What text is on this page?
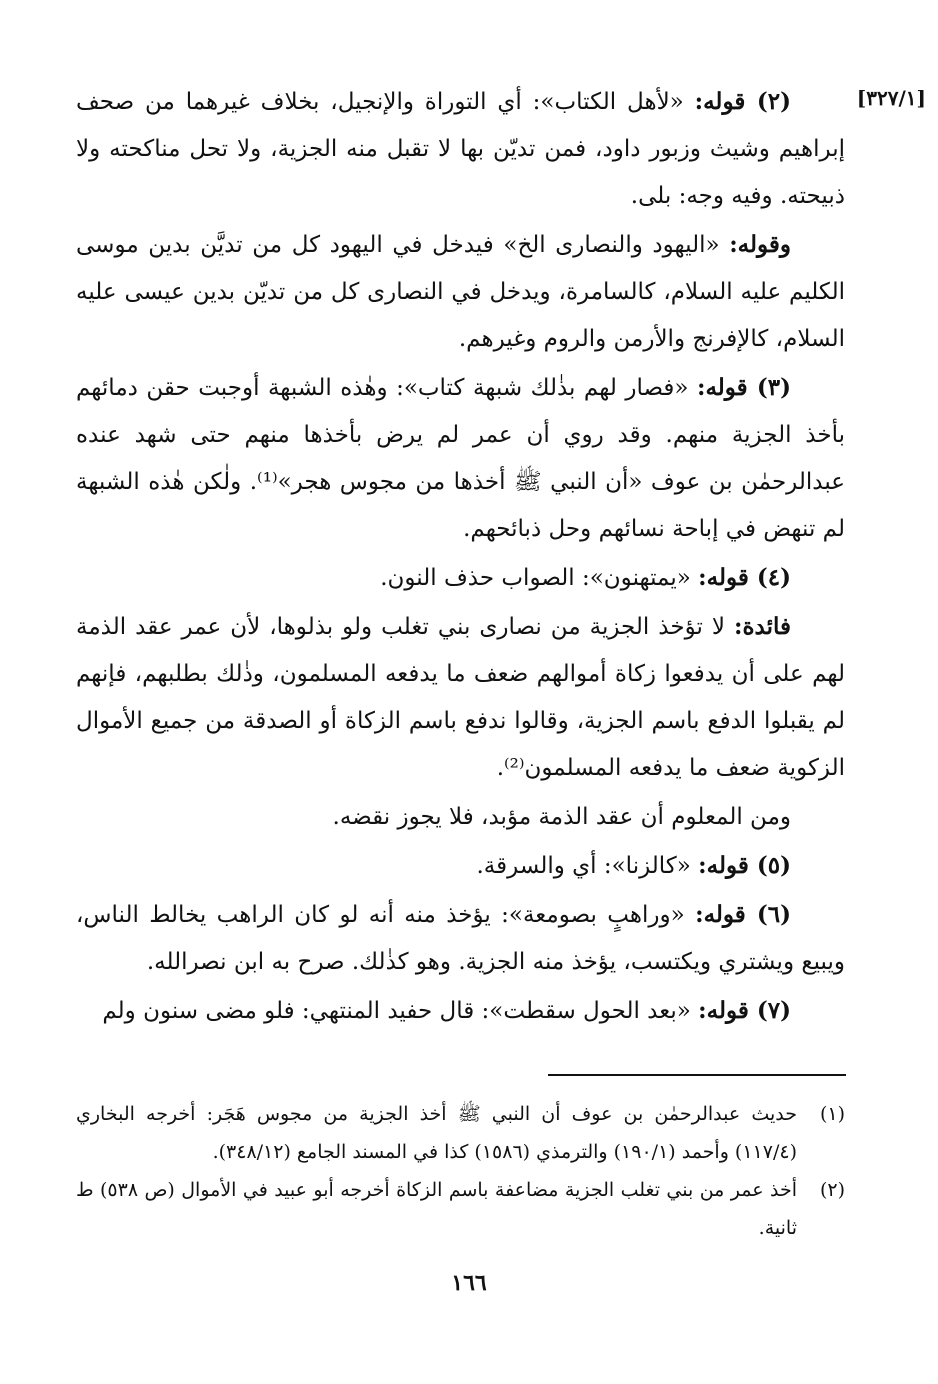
[٣٢٧/١]

(٢) قوله: «لأهل الكتاب»: أي التوراة والإنجيل، بخلاف غيرهما من صحف إبراهيم وشيث وزبور داود، فمن تديّن بها لا تقبل منه الجزية، ولا تحل مناكحته ولا ذبيحته. وفيه وجه: بلى.

وقوله: «اليهود والنصارى الخ» فيدخل في اليهود كل من تديَّن بدين موسى الكليم عليه السلام، كالسامرة، ويدخل في النصارى كل من تديّن بدين عيسى عليه السلام، كالإفرنج والأرمن والروم وغيرهم.

(٣) قوله: «فصار لهم بذٰلك شبهة كتاب»: وهٰذه الشبهة أوجبت حقن دمائهم بأخذ الجزية منهم. وقد روي أن عمر لم يرض بأخذها منهم حتى شهد عنده عبدالرحمٰن بن عوف «أن النبي ﷺ أخذها من مجوس هجر»⁽¹⁾. ولٰكن هٰذه الشبهة لم تنهض في إباحة نسائهم وحل ذبائحهم.

(٤) قوله: «يمتهنون»: الصواب حذف النون.

فائدة: لا تؤخذ الجزية من نصارى بني تغلب ولو بذلوها، لأن عمر عقد الذمة لهم على أن يدفعوا زكاة أموالهم ضعف ما يدفعه المسلمون، وذٰلك بطلبهم، فإنهم لم يقبلوا الدفع باسم الجزية، وقالوا ندفع باسم الزكاة أو الصدقة من جميع الأموال الزكوية ضعف ما يدفعه المسلمون⁽²⁾.

ومن المعلوم أن عقد الذمة مؤبد، فلا يجوز نقضه.

(٥) قوله: «كالزنا»: أي والسرقة.

(٦) قوله: «وراهبٍ بصومعة»: يؤخذ منه أنه لو كان الراهب يخالط الناس، ويبيع ويشتري ويكتسب، يؤخذ منه الجزية. وهو كذٰلك. صرح به ابن نصرالله.

(٧) قوله: «بعد الحول سقطت»: قال حفيد المنتهي: فلو مضى سنون ولم

(١)
حديث عبدالرحمٰن بن عوف أن النبي ﷺ أخذ الجزية من مجوس هَجَر: أخرجه البخاري (١١٧/٤) وأحمد (١٩٠/١) والترمذي (١٥٨٦) كذا في المسند الجامع (٣٤٨/١٢).
(٢)
أخذ عمر من بني تغلب الجزية مضاعفة باسم الزكاة أخرجه أبو عبيد في الأموال (ص ٥٣٨) ط ثانية.
١٦٦
